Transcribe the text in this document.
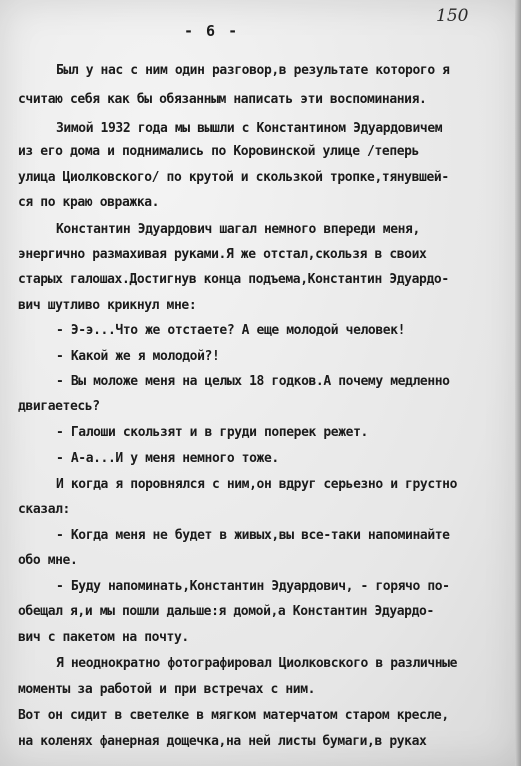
150
- 6 -

Был у нас с ним один разговор,в результате которого я

считаю себя как бы обязанным написать эти воспоминания.

Зимой 1932 года мы вышли с Константином Эдуардовичем

из его дома и поднимались по Коровинской улице /теперь

улица Циолковского/ по крутой и скользкой тропке,тянувшей-

ся по краю овражка.

Константин Эдуардович шагал немного впереди меня,

энергично размахивая руками.Я же отстал,скользя в своих

старых галошах.Достигнув конца подъема,Константин Эдуардо-

вич шутливо крикнул мне:

- Э-э...Что же отстаете? А еще молодой человек!

- Какой же я молодой?!

- Вы моложе меня на целых 18 годков.А почему медленно

двигаетесь?

- Галоши скользят и в груди поперек режет.

- А-а...И у меня немного тоже.

И когда я поровнялся с ним,он вдруг серьезно и грустно

сказал:

- Когда меня не будет в живых,вы все-таки напоминайте

обо мне.

- Буду напоминать,Константин Эдуардович, - горячо по-

обещал я,и мы пошли дальше:я домой,а Константин Эдуардо-

вич с пакетом на почту.

Я неоднократно фотографировал Циолковского в различные

моменты за работой и при встречах с ним.

Вот он сидит в светелке в мягком матерчатом старом кресле,

на коленях фанерная дощечка,на ней листы бумаги,в руках
